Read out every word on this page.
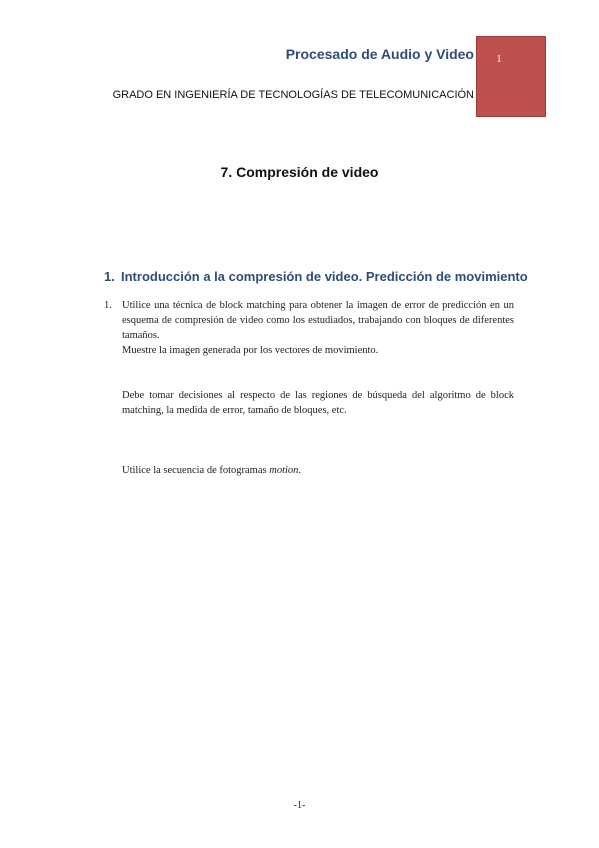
Procesado de Audio y Video
GRADO EN INGENIERÍA DE TECNOLOGÍAS DE TELECOMUNICACIÓN
1
7. Compresión de video
1. Introducción a la compresión de video. Predicción de movimiento
1. Utilice una técnica de block matching para obtener la imagen de error de predicción en un esquema de compresión de video como los estudiados, trabajando con bloques de diferentes tamaños.

Muestre la imagen generada por los vectores de movimiento.

Debe tomar decisiones al respecto de las regiones de búsqueda del algoritmo de block matching, la medida de error, tamaño de bloques, etc.

Utilice la secuencia de fotogramas motion.

-1-
